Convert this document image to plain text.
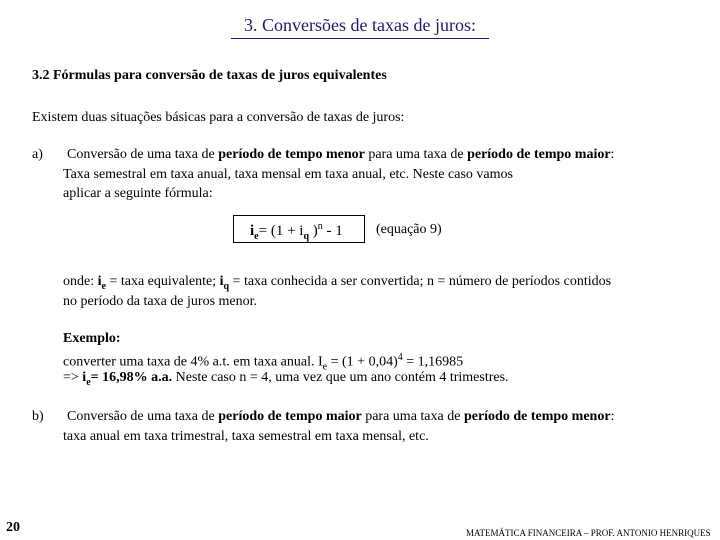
3. Conversões de taxas de juros:
3.2 Fórmulas para conversão de taxas de juros equivalentes
Existem duas situações básicas para a conversão de taxas de juros:
a) Conversão de uma taxa de período de tempo menor para uma taxa de período de tempo maior:
Taxa semestral em taxa anual, taxa mensal em taxa anual, etc. Neste caso vamos
aplicar a seguinte fórmula:
$i_e= (1 + i_q$ )$^n$ - 1 (equação 9)
onde: $i_e$ = taxa equivalente; $i_q$ = taxa conhecida a ser convertida; n = número de períodos contidos
no período da taxa de juros menor.
Exemplo:
converter uma taxa de 4% a.t. em taxa anual. $I_e = (1 + 0,04)^4 = 1,16985$
=> $i_e= 16,98\%$ a.a. Neste caso n = 4, uma vez que um ano contém 4 trimestres.
b) Conversão de uma taxa de período de tempo maior para uma taxa de período de tempo menor:
taxa anual em taxa trimestral, taxa semestral em taxa mensal, etc.
20	MATEMÁTICA FINANCEIRA – PROF. ANTONIO HENRIQUES
